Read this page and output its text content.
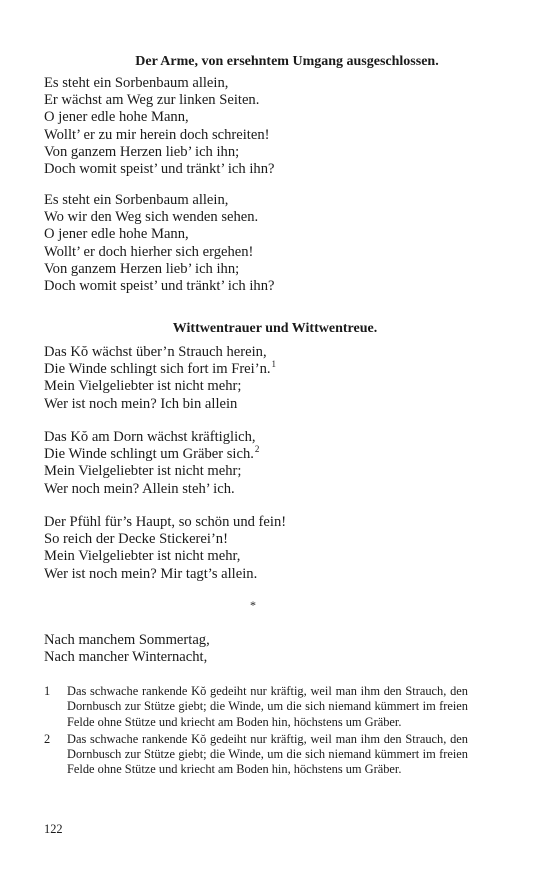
Der Arme, von ersehntem Umgang ausgeschlossen.
Es steht ein Sorbenbaum allein,
Er wächst am Weg zur linken Seiten.
O jener edle hohe Mann,
Wollt’ er zu mir herein doch schreiten!
Von ganzem Herzen lieb’ ich ihn;
Doch womit speist’ und tränkt’ ich ihn?
Es steht ein Sorbenbaum allein,
Wo wir den Weg sich wenden sehen.
O jener edle hohe Mann,
Wollt’ er doch hierher sich ergehen!
Von ganzem Herzen lieb’ ich ihn;
Doch womit speist’ und tränkt’ ich ihn?
Wittwentrauer und Wittwentreue.
Das Kŏ wächst über’n Strauch herein,
Die Winde schlingt sich fort im Frei’n.$^1$
Mein Vielgeliebter ist nicht mehr;
Wer ist noch mein? Ich bin allein
Das Kŏ am Dorn wächst kräftiglich,
Die Winde schlingt um Gräber sich.$^2$
Mein Vielgeliebter ist nicht mehr;
Wer noch mein? Allein steh’ ich.
Der Pfühl für’s Haupt, so schön und fein!
So reich der Decke Stickerei’n!
Mein Vielgeliebter ist nicht mehr,
Wer ist noch mein? Mir tagt’s allein.
*
Nach manchem Sommertag,
Nach mancher Winternacht,
1	Das schwache rankende Kŏ gedeiht nur kräftig, weil man ihm den Strauch, den Dornbusch zur Stütze giebt; die Winde, um die sich niemand kümmert im freien Felde ohne Stütze und kriecht am Boden hin, höchstens um Gräber.
2	Das schwache rankende Kŏ gedeiht nur kräftig, weil man ihm den Strauch, den Dornbusch zur Stütze giebt; die Winde, um die sich niemand kümmert im freien Felde ohne Stütze und kriecht am Boden hin, höchstens um Gräber.
122
